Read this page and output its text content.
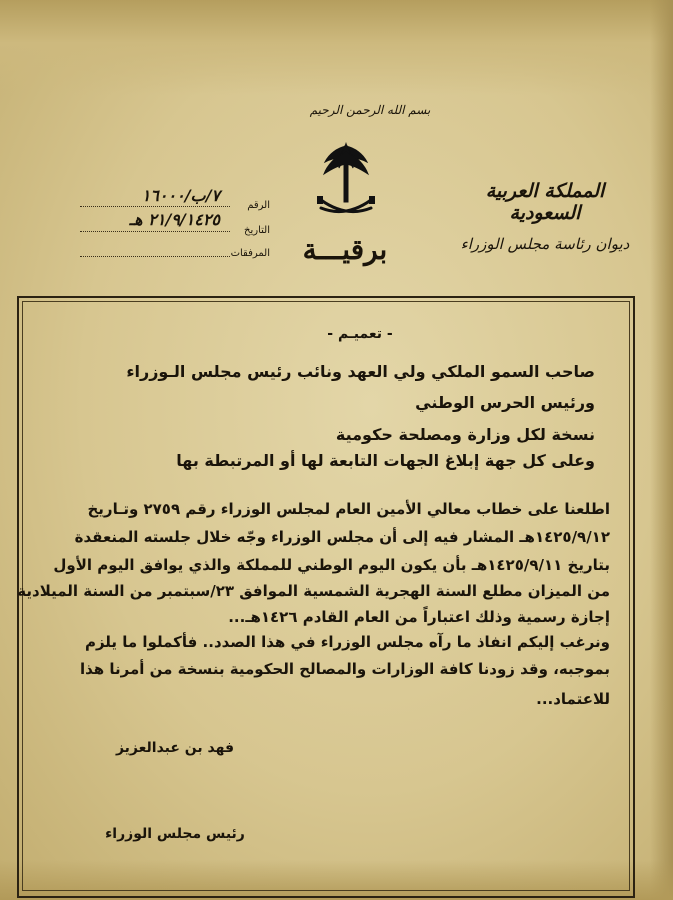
بسم الله الرحمن الرحيم
برقيـــة
المملكة العربية السعودية
ديوان رئاسة مجلس الوزراء
الرقم
٧/ب/١٦٠٠٠
التاريخ
٢١/٩/١٤٢٥ هـ
المرفقات
- تعميـم -
صاحب السمو الملكي ولي العهد ونائب رئيس مجلس الـوزراء
ورئيس الحرس الوطني
نسخة لكل وزارة ومصلحة حكومية
وعلى كل جهة إبلاغ الجهات التابعة لها أو المرتبطة بها
اطلعنا على خطاب معالي الأمين العام لمجلس الوزراء رقم ٢٧٥٩ وتـاريخ
١٤٢٥/٩/١٢هـ المشار فيه إلى أن مجلس الوزراء وجّه خلال جلسته المنعقدة
بتاريخ ١٤٢٥/٩/١١هـ بأن يكون اليوم الوطني للمملكة والذي يوافق اليوم الأول
من الميزان مطلع السنة الهجرية الشمسية الموافق ٢٣/سبتمبر من السنة الميلادية
إجازة رسمية وذلك اعتباراً من العام القادم ١٤٢٦هـ...
ونرغب إليكم انفاذ ما رآه مجلس الوزراء في هذا الصدد.. فأكملوا ما يلزم
بموجبه، وقد زودنا كافة الوزارات والمصالح الحكومية بنسخة من أمرنا هذا
للاعتماد...
فهد بن عبدالعزيز
رئيس مجلس الوزراء
